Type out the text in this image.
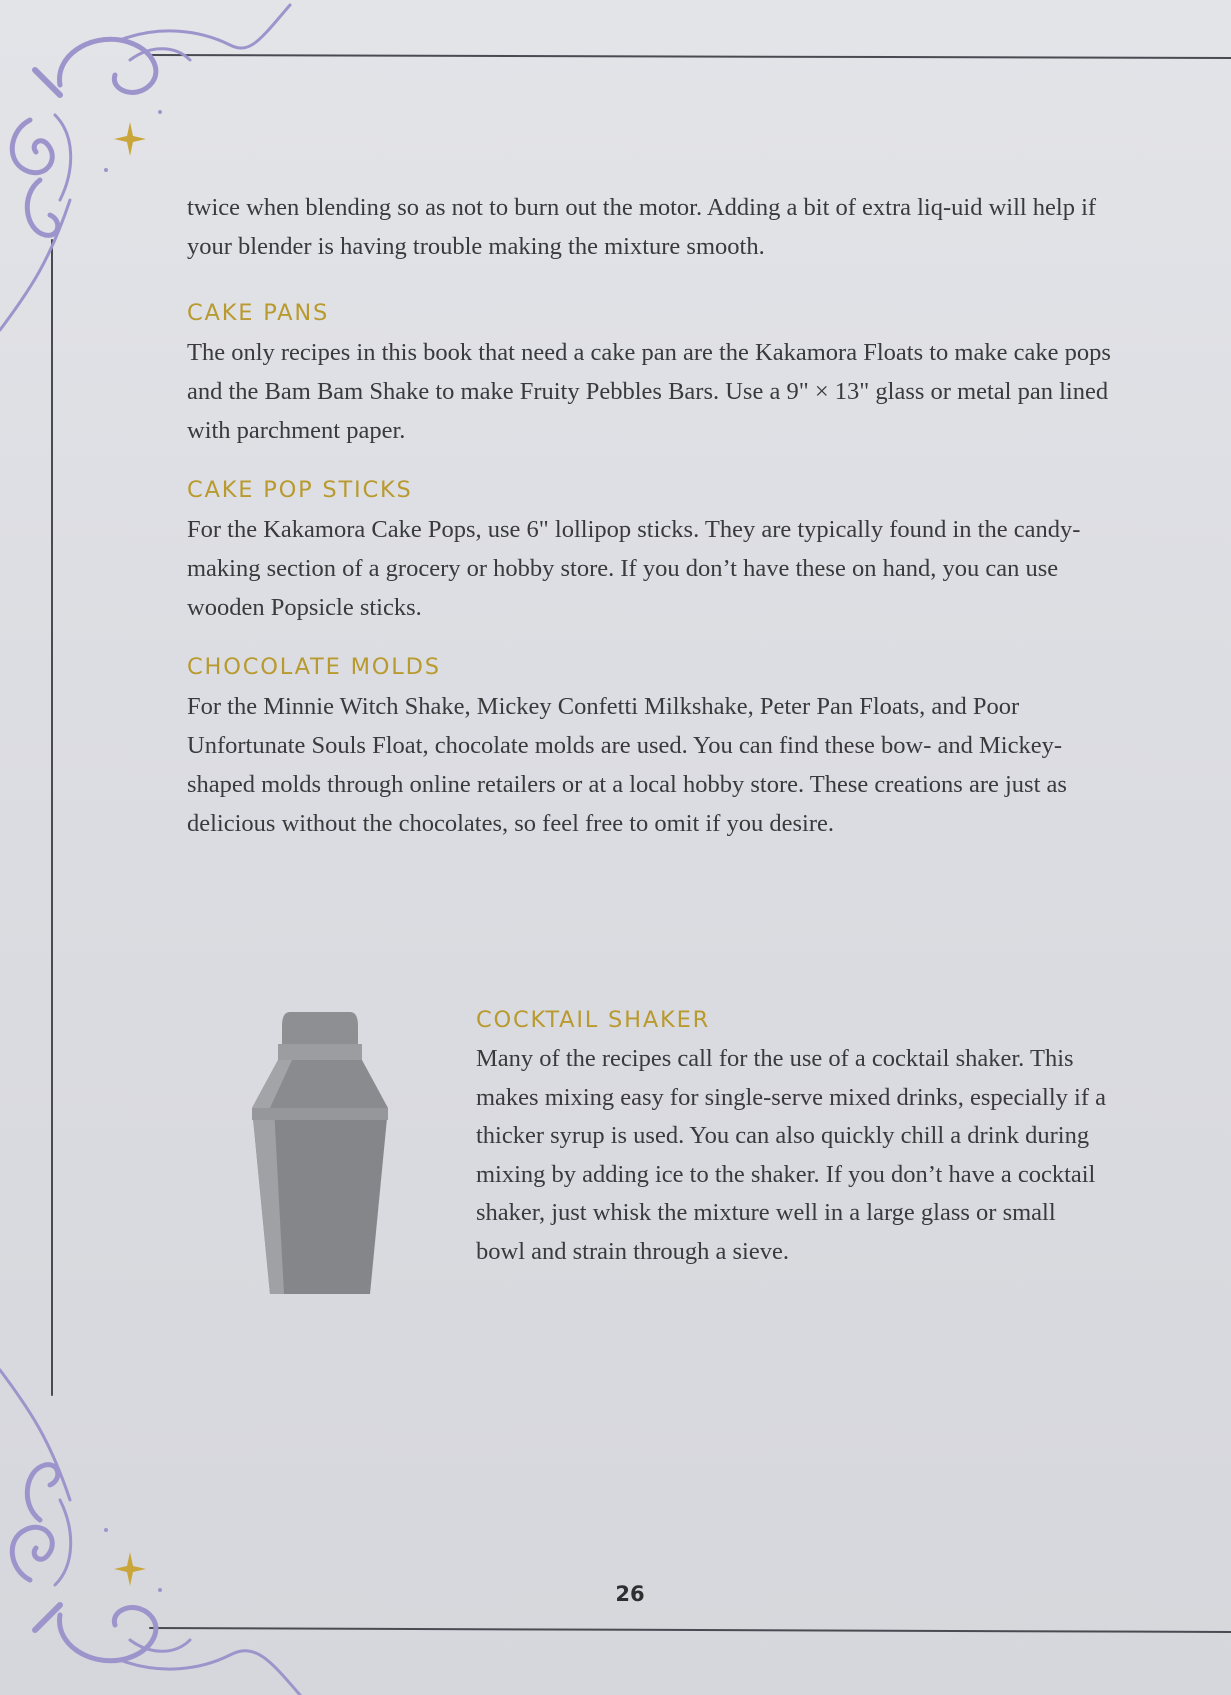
twice when blending so as not to burn out the motor. Adding a bit of extra liq-uid will help if your blender is having trouble making the mixture smooth.

CAKE PANS

The only recipes in this book that need a cake pan are the Kakamora Floats to make cake pops and the Bam Bam Shake to make Fruity Pebbles Bars. Use a 9" × 13" glass or metal pan lined with parchment paper.

CAKE POP STICKS

For the Kakamora Cake Pops, use 6" lollipop sticks. They are typically found in the candy-making section of a grocery or hobby store. If you don’t have these on hand, you can use wooden Popsicle sticks.

CHOCOLATE MOLDS

For the Minnie Witch Shake, Mickey Confetti Milkshake, Peter Pan Floats, and Poor Unfortunate Souls Float, chocolate molds are used. You can find these bow- and Mickey-shaped molds through online retailers or at a local hobby store. These creations are just as delicious without the chocolates, so feel free to omit if you desire.

COCKTAIL SHAKER

Many of the recipes call for the use of a cocktail shaker. This makes mixing easy for single-serve mixed drinks, especially if a thicker syrup is used. You can also quickly chill a drink during mixing by adding ice to the shaker. If you don’t have a cocktail shaker, just whisk the mixture well in a large glass or small bowl and strain through a sieve.

26
